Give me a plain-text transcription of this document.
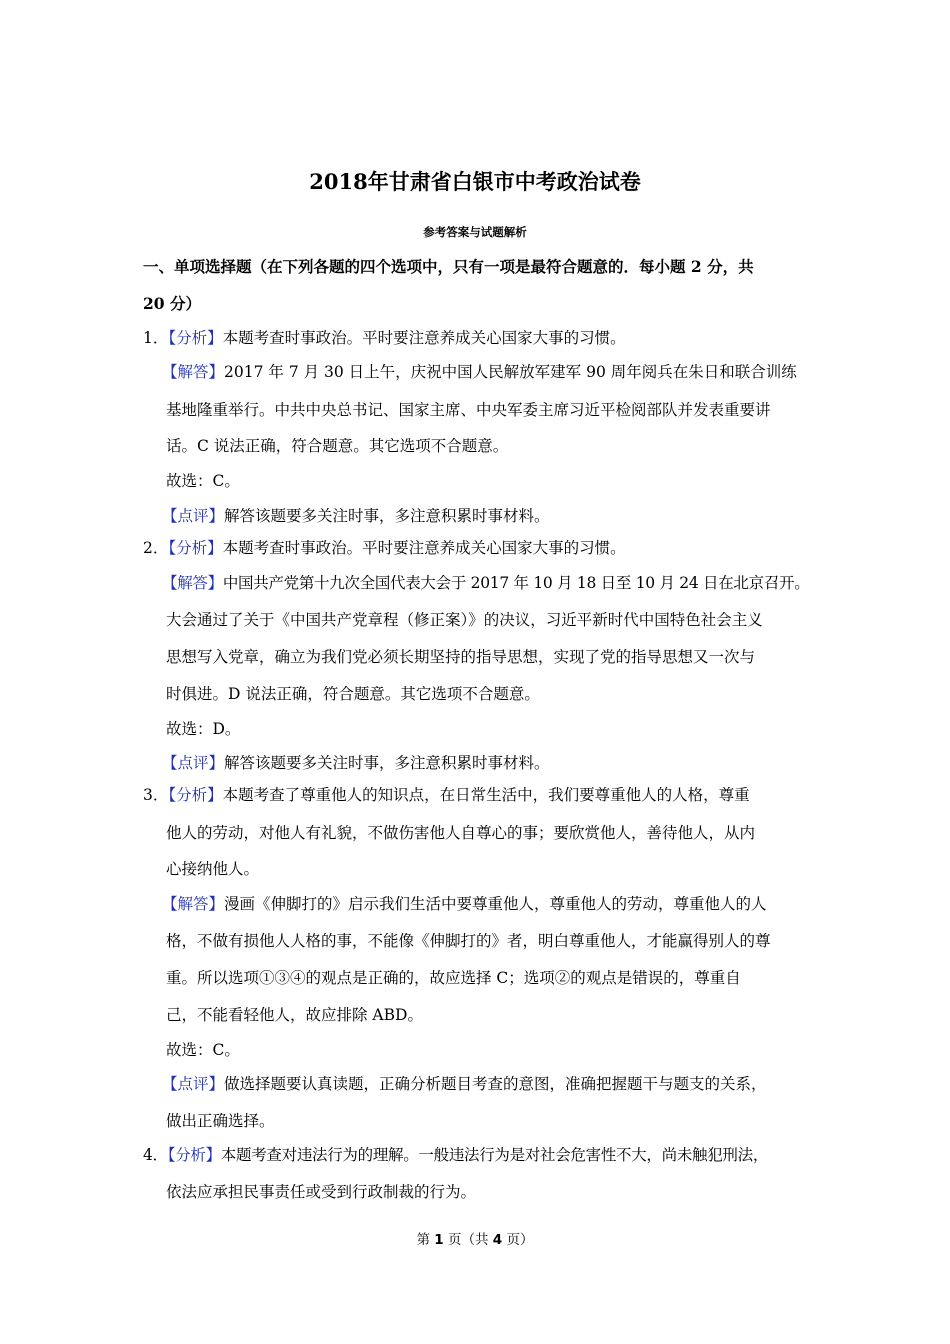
2018年甘肃省白银市中考政治试卷
参考答案与试题解析
一、单项选择题（在下列各题的四个选项中，只有一项是最符合题意的．每小题 2 分，共
20 分）
1．【分析】本题考查时事政治。平时要注意养成关心国家大事的习惯。
【解答】2017 年 7 月 30 日上午，庆祝中国人民解放军建军 90 周年阅兵在朱日和联合训练
基地隆重举行。中共中央总书记、国家主席、中央军委主席习近平检阅部队并发表重要讲
话。C 说法正确，符合题意。其它选项不合题意。
故选：C。
【点评】解答该题要多关注时事，多注意积累时事材料。
2．【分析】本题考查时事政治。平时要注意养成关心国家大事的习惯。
【解答】中国共产党第十九次全国代表大会于 2017 年 10 月 18 日至 10 月 24 日在北京召开。
大会通过了关于《中国共产党章程（修正案）》的决议，习近平新时代中国特色社会主义
思想写入党章，确立为我们党必须长期坚持的指导思想，实现了党的指导思想又一次与
时俱进。D 说法正确，符合题意。其它选项不合题意。
故选：D。
【点评】解答该题要多关注时事，多注意积累时事材料。
3．【分析】本题考查了尊重他人的知识点，在日常生活中，我们要尊重他人的人格，尊重
他人的劳动，对他人有礼貌，不做伤害他人自尊心的事；要欣赏他人，善待他人，从内
心接纳他人。
【解答】漫画《伸脚打的》启示我们生活中要尊重他人，尊重他人的劳动，尊重他人的人
格，不做有损他人人格的事，不能像《伸脚打的》者，明白尊重他人，才能赢得别人的尊
重。所以选项①③④的观点是正确的，故应选择 C；选项②的观点是错误的，尊重自
己，不能看轻他人，故应排除 ABD。
故选：C。
【点评】做选择题要认真读题，正确分析题目考查的意图，准确把握题干与题支的关系，
做出正确选择。
4．【分析】本题考查对违法行为的理解。一般违法行为是对社会危害性不大，尚未触犯刑法，
依法应承担民事责任或受到行政制裁的行为。
第 1 页（共 4 页）
